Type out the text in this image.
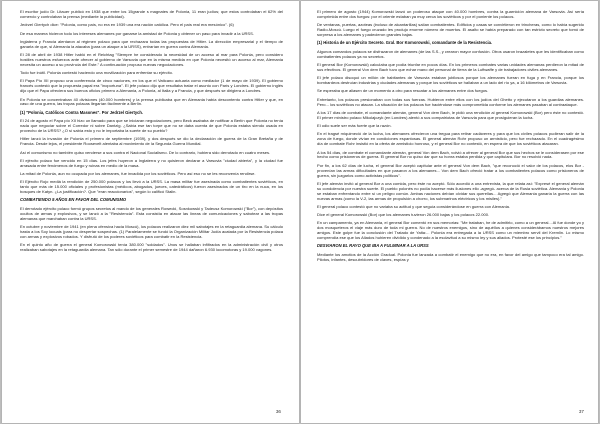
El escritor judío Dr. Litauer publicó en 1938 que entre los 15grande s magnates de Polonia, 11 eran judíos; que estos controlaban el 62% del comercio y controlaban la prensa (mediante la publicidad).

Jedrzel Giertych dice: "Polonia, como país, no era en 1939 una era nación católica. Pero el país real era mesónico". (6)

De esa manera hicieron todo los intereses alemanes por ganarse la amistad de Polonia y obtener un paso para invadir a la URSS.

Inglaterra y Francia alentaron al régimen polaco para que rechazara todas las propuestas de Hitler. La dirección empresarial y el tiempo de ganarla de que, si Alemania la atacaba (para un ataque a la URSS), entrarían en guerra contra Alemania.

El 28 de abril de 1938 Hitler habló en el Reichtag "Siempre he considerado la necesidad de un acceso al mar para Polonia, pero considero hostiles nuestros esfuerzos ante ofrecer al gobierno de Varsovia que en la misma medida en que Polonia necesitó un acceso al mar, Alemania necesita un acceso a su provincia del Este." A continuación propuso nuevas negociaciones.

Todo fue inútil. Polonia contestó haciendo una movilización para enfrentar su ejército.

El Papa Pío XII propuso una conferencia de cinco naciones, en los que el Vaticano actuaría como mediador (1 de mayo de 1939). El gobierno francés contestó que la propuesta papal era "inoportuna". El jefe polaco dijo que resultaba tratar el asunto con París y Londres. El gobierno inglés dijo que el Papa ofreciera sus buenos oficios primero a Alemania, a Polonia, al Italia y a Francia, y que después se dirigiera a Londres.

En Polonia se concentraban 40 divisiones (40.000 hombres) y la prensa publicaba que en Alemania había descontento contra Hitler y que, en caso de una guerra, las tropas polacas llegarían fácilmente a Berlín.

(1) "Polonia, Católicos Contra Masones". Por Jedrzel Giertych.

El 24 de agosto el Papa pío XII hizo un llamado para que se iniciaran negociaciones, pero Beck asababa de notificar a Berlín que Polonia no tenía nada que negociar sobre el Corredor ni sobre Dantzig. ¿Sabía ese tan torpe que no se daba cuenta de que Polonia estaba siendo usada en provecho de la URSS? ¿O sí sabía esto y no le importaba la suerte de su pueblo?

Hitler lanzó la invasión de Polonia el primero de septiembre (1939), y dos después se dio la declaración de guerra de la Gran Bretaña y de Francia. Desde lejos, el presidente Roosevelt alentaba al movimiento de la Segunda Guerra Mundial.

Así el comunismo no también quiso venderse a sus contra el Nacional Socialismo. De lo contrario, hubiera sido derrotado en cuatro meses.

El ejército polaco fue vencido en 15 días. Los jefes huyeron a Inglaterra y no quisieron declarar a Varsovia "ciudad abierta", y la ciudad fue arrasada entre fenómenos de fuego y ruinas en medio de la masa.

La mitad de Polonia, aun no ocupada por los alemanes, fue invadida por los soviéticos. Pero así eso no se les reconvenía rendirse.

El Ejército Rojo mediá la rendición de 250.000 polacos y los llevó a la URSS. La masa militar fue asesinada como combatientes soviéticos, en tanto que más de 15.000 oficiales y profesionistas (médicos, abogados, jueces, catedráticos) fueron asesinados de un tiro en la nuca, en los bosques de Katyn. ¿La justificación?. Que "eran reaccionarios", según lo calificó Stalin.

COMBATIENDO 5 AÑOS EN FAVOR DEL COMUNISMO

El derrotado ejército polaco formó grupos secretos al mando de los generales Rowecki, Sosnkowski y Tadeusz Komorowski ("Bor"), con depósitos ocultos de armas y explosivos, y se lanzó a la "Resistencia". Esta consistía en atacar las líneas de comunicaciones y sabotear a las tropas alemanas que marchaban contra la URSS.

En octubre y noviembre de 1941 (en plena ofensiva hacia Moscú), los polacos realizaron diez mil sabotajes en la retaguardia alemana. Su cálculo hasta a los Soy locuais (para no despertar sospechas. (1) Paralelamente se fundó la Organización Militar Judía acatada por la Resistencia polaca con armas y explosivos robados. Y disfrutó de los poderes soviéticos para combatir en la Resistencia.

En el quinto año de guerra el general Komorowski tenía 380.000 "soldados". Unos se hallaban infiltrados en la administración civil y otros realizaban sabotajes en la retaguardia alemana. Tan sólo durante el primer semestre de 1944 dañaron 6.930 locomotoras y 19.000 vagones.

36

El primero de agosto (1944) Komorowski lanzó un poderoso ataque con 40.000 hombres, contra la guarnición alemana de Varsovia. Así sería comprimida entre dos fuegos: por el oriente estaban ya muy cerca los soviéticos y por el poniente los polacos.

De ventanas, puertas, azoteas (incluso de alcantarillas) salían combatientes. Edificios y casas se convirtieron en trincheras, como lo había sugerido Radio-Moscú. Luego el fuego cruzado les produjo enorme número de muertos. El asalto se había preparado con tan estricto secreto que tomó de sorpresa a los alemanes y padecieron grandes bajas.

(1) Historia de un Ejército Secreto. Gral. Bor Komorowski, comandante de la Resistencia.

Algunos comandos polacos se disfrazaron de alemanes (de las S.S., y crearon mayor confusión. Otros usaron brazaletes que les identificaban como combatientes polacos ya no secretos.

El general Bor (Komorowski) calculaba que podía triunfar en pocos días. En los primeros combates varias unidades alemanas perdieron la mitad de sus efectivos. El general Von dem Bach tuvo que echar mano del personal de tierra de la Luftwaffe y de trabajadores civiles alemanes.

El jefe polaco disoquó un millón de habitantes de Varsovia estaban jubilosos porque los alemanes fueran en fuga y en Francia, porque los bombardeos destruían industrias y ciudades alemanas y porque los soviéticos se hallaban a un lado del río ya, a 16 kilómetros de Varsovia.

Se esperaba que aliasen de un momento a otro para rescatar a los alemanes entre dos fuegos.

Entretanto, los polacos presionaban con todas sus fuerzas. Hubieron entre ellos con los judíos del Ghetto y ejecutaron a los guardias alemanes. Pero... los soviéticos no atacan. La situación de los polacos fue haciéndose más comprometida conforme los alemanes pasaban al contraataque.

A los 17 días de combate, el comandante alemán, general Von dem Bach, le pidió una rendición al general Komorowski (Bor) pero éste no contestó. El primer ministro polaco Mikolajczyk (en Londres) alentó a sus compatriotas de Varsovia para que prosiguieran la lucha.

El odio suele ser más fuerte que la razón.

En el tragsé miquimeció de la lucha, los alemanes ofrecieron una tregua para retirar cadáveres y para que los civiles polacos pudieran salir de la zona de fuego, donde vivían en condiciones espantosas. El general alemán Rohr propuso un armisticio, pero fue rechazado. En el cuadragésimo día de combate Rohr insistió en la oferta de armisticio honroso, y el general Bor no contestó, en espera de que los soviéticos atacaran.

A los 54 días, de combate el comandante alemán, general Von dem Bach, volvió a ofrecer al general Bor que sus hechos se le considerasen por ese hecho como prisioneros de guerra. El general Bor no quiso dar que su honra estaba perdida y que capitulara. Bor no resolvió nada.

Por fin, a los 62 días de lucha, el general Bor aceptó capitular ante el general Von dem Bach, "que reconoció el valor de los polacos, elos Bor - provenían las armas dificultades en que pasaron a los alemanes... Von dem Bach ofreció tratar a los combatientes polacos como prisioneros de guerra, sin juzgarlos como activistas políticos".

El jefe alemán invitó al general Bor a una comida, pero éste no aceptó. Sólo accedió a una entrevista, la que relata así: "Expresé el general alemán su condolencia por nuestra suerte. El pueblo polonés no podía hacerse más ilusiones ello -agregó- acerca de la Rusia soviética. Alemania y Polonia se estaban enfrentando entre sí un peligro común. Ambas naciones debían olvidar sus querellas... Agregó que Alemania ganaría la guerra con las nuevas armas (como la V-2, las armas de propulsión a chorro, los submarinos eléctricos y los misiles)."

El general polaco contestó que no variaba su actitud y que seguía considerándose en guerra con Alemania.

Dice el general Komorowski (Bor) que los alemanes tuvieron 26.000 bajas y los polacos 22.000.

En un campamento, ya en Alemania, el general Bor comentó en sus memorias: "Me trataban, he de admitirlo, como a un general... Al fue donde yo y dos mosqueteros el viaje más duro de toda mi guerra. No de nuestros enemigos, sino de aquéllos a quienes considerábamos nuestros mejores amigos. Este golpe fue la conclusión del Tratado de Yalta:... Polonia era entregada a la URSS como un miembro servil del Kremlin. Lo mismo comprendía ese que los Aliados huhieren dividido y condenado a la esclavitud a su mismo ley y sus aliados. Protesté ese los principios."

DESVIARON EL RAYO QUE IBA A FULMINAR A LA URSS

Mediante los amotios de la Acción Gradual. Polonia fue lanzada a combatir el enemigo que no era, en favor del amigo que tampoco era tal amigo. Pilotos, infantes, descubridores de claves, espías y

37
